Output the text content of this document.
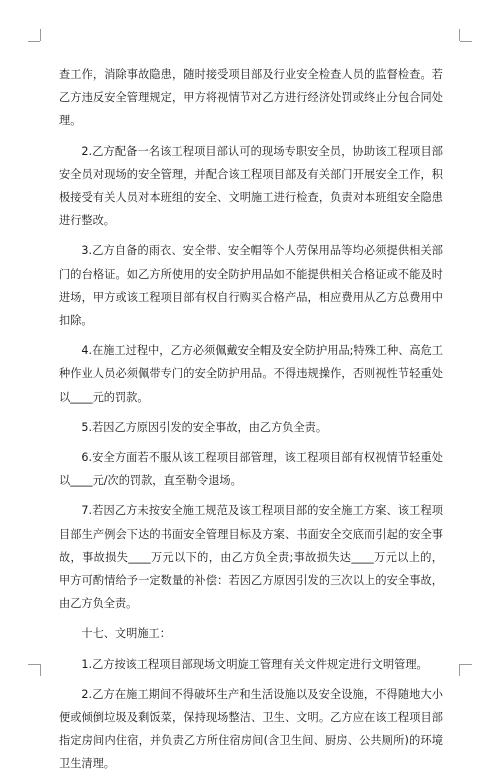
查工作，消除事故隐患，随时接受项目部及行业安全检查人员的监督检查。若乙方违反安全管理规定，甲方将视情节对乙方进行经济处罚或终止分包合同处理。

2.乙方配备一名该工程项目部认可的现场专职安全员，协助该工程项目部安全员对现场的安全管理，并配合该工程项目部及有关部门开展安全工作，积极接受有关人员对本班组的安全、文明施工进行检查，负责对本班组安全隐患进行整改。

3.乙方自备的雨衣、安全带、安全帽等个人劳保用品等均必须提供相关部门的台格证。如乙方所使用的安全防护用品如不能提供相关合格证或不能及时进场，甲方或该工程项目部有权自行购买合格产品，相应费用从乙方总费用中扣除。

4.在施工过程中，乙方必须佩戴安全帽及安全防护用品;特殊工种、高危工种作业人员必须佩带专门的安全防护用品。不得违规操作，否则视性节轻重处以____元的罚款。

5.若因乙方原因引发的安全事故，由乙方负全责。

6.安全方面若不服从该工程项目部管理，该工程项目部有权视情节轻重处以____元/次的罚款，直至勒令退场。

7.若因乙方未按安全施工规范及该工程项目部的安全施工方案、该工程项目部生产例会下达的书面安全管理目标及方案、书面安全交底而引起的安全事故，事故损失____万元以下的，由乙方负全责;事故损失达____万元以上的，甲方可酌情给予一定数量的补偿：若因乙方原因引发的三次以上的安全事故，由乙方负全责。

十七、文明施工：

1.乙方按该工程项目部现场文明旋工管理有关文件规定进行文明管理。

2.乙方在施工期间不得破坏生产和生活设施以及安全设施，不得随地大小便或倾倒垃圾及剩饭菜，保持现场整洁、卫生、文明。乙方应在该工程项目部指定房间内住宿，并负责乙方所住宿房间(含卫生间、厨房、公共厕所)的环境卫生清理。
